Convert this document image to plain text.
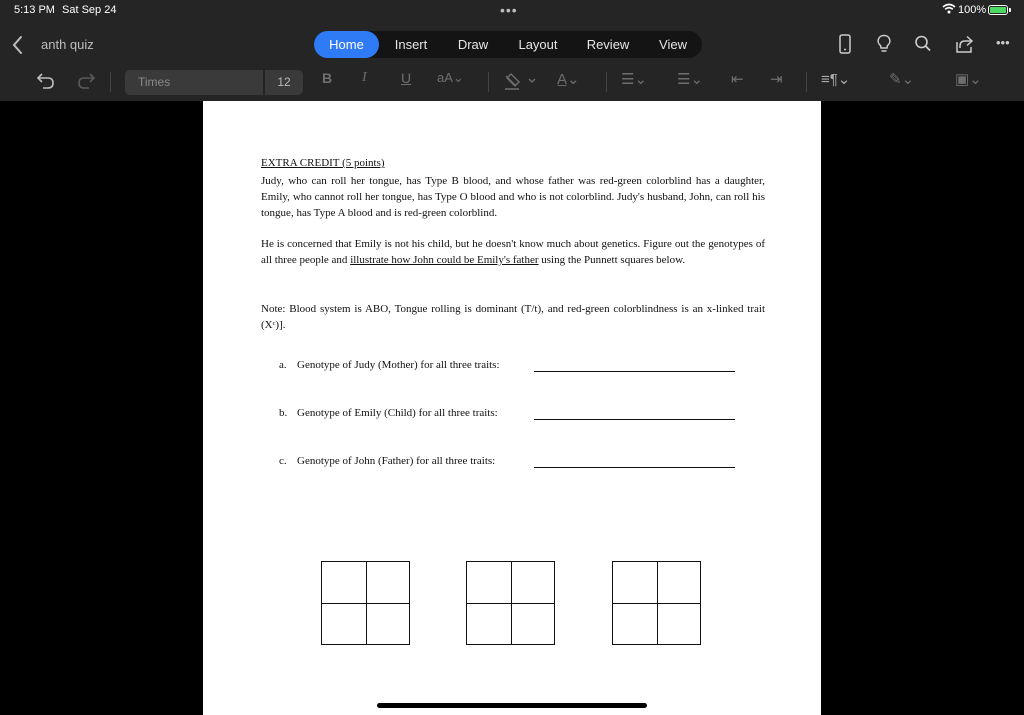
5:13 PM Sat Sep 24	•••	100%
anth quiz	Home	Insert	Draw	Layout	Review	View	•••
Times	12	B I U aA⌄	A̲⌄	☰⌄ ☰⌄ ⇤ ⇥	≡¶⌄	✎⌄	▣⌄
EXTRA CREDIT (5 points)

Judy, who can roll her tongue, has Type B blood, and whose father was red-green colorblind has a daughter, Emily, who cannot roll her tongue, has Type O blood and who is not colorblind. Judy's husband, John, can roll his tongue, has Type A blood and is red-green colorblind.

He is concerned that Emily is not his child, but he doesn't know much about genetics. Figure out the genotypes of all three people and illustrate how John could be Emily's father using the Punnett squares below.

Note: Blood system is ABO, Tongue rolling is dominant (T/t), and red-green colorblindness is an x-linked trait (Xᶜ)].

a. Genotype of Judy (Mother) for all three traits:
b. Genotype of Emily (Child) for all three traits:
c. Genotype of John (Father) for all three traits:
